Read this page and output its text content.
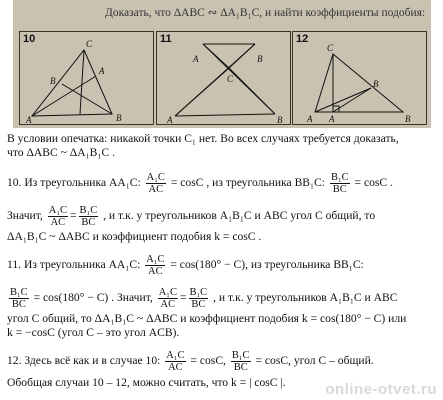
Доказать, что ΔABC ∾ ΔA₁B₁C, и найти коэффициенты подобия:
10	C
A
B
A	B
11
A	B
C
A	B
12
C
B
A A	B
В условии опечатка: никакой точки C₁ нет. Во всех случаях требуется доказать,
что ΔABC ~ ΔA₁B₁C .
10. Из треугольника AA₁C: $\frac{\text{A₁C}}{AC} = \cos C$ , из треугольника BB₁C: $\frac{\text{B₁C}}{BC} = \cos C$ .
Значит, $\frac{\text{A₁C}}{AC} = \frac{\text{B₁C}}{BC}$ , и т.к. у треугольников A₁B₁C и ABC угол C общий, то
ΔA₁B₁C ~ ΔABC и коэффициент подобия k = cosC .
11. Из треугольника AA₁C: $\frac{\text{A₁C}}{AC} = \cos(180^\circ - C)$, из треугольника BB₁C:
$\frac{\text{B₁C}}{BC} = \cos(180^\circ - C)$ . Значит, $\frac{\text{A₁C}}{AC} = \frac{\text{B₁C}}{BC}$ , и т.к. у треугольников A₁B₁C и ABC
угол C общий, то ΔA₁B₁C ~ ΔABC и коэффициент подобия k = cos(180° − C) или
k = −cosC (угол C – это угол ACB).
12. Здесь всё как и в случае 10: $\frac{\text{A₁C}}{AC} = \cos C$, $\frac{\text{B₁C}}{BC} = \cos C$, угол C – общий.
Обобщая случаи 10 – 12, можно считать, что k = | cosC |.	online-otvet.ru
